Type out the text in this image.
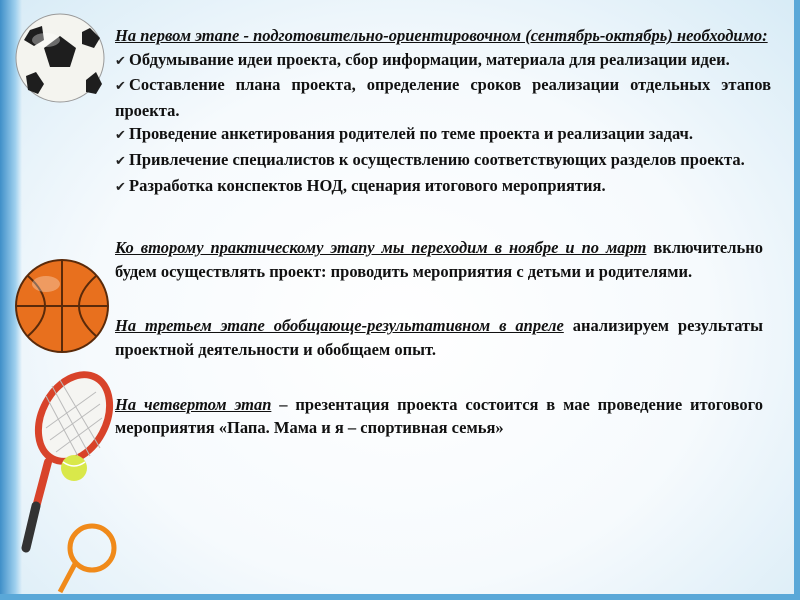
На первом этапе - подготовительно-ориентировочном (сентябрь-октябрь) необходимо:

✔ Обдумывание идеи проекта, сбор информации, материала для реализации идеи.
✔ Составление плана проекта, определение сроков реализации отдельных этапов проекта.
✔ Проведение анкетирования родителей по теме проекта и реализации задач.
✔ Привлечение специалистов к осуществлению соответствующих разделов проекта.
✔ Разработка конспектов НОД, сценария итогового мероприятия.

Ко второму практическому этапу мы переходим в ноябре и по март включительно будем осуществлять проект: проводить мероприятия с детьми и родителями.

На третьем этапе обобщающе-результативном в апреле анализируем результаты проектной деятельности и обобщаем опыт.

На четвертом этап – презентация проекта состоится в мае проведение итогового мероприятия «Папа. Мама и я – спортивная семья»
